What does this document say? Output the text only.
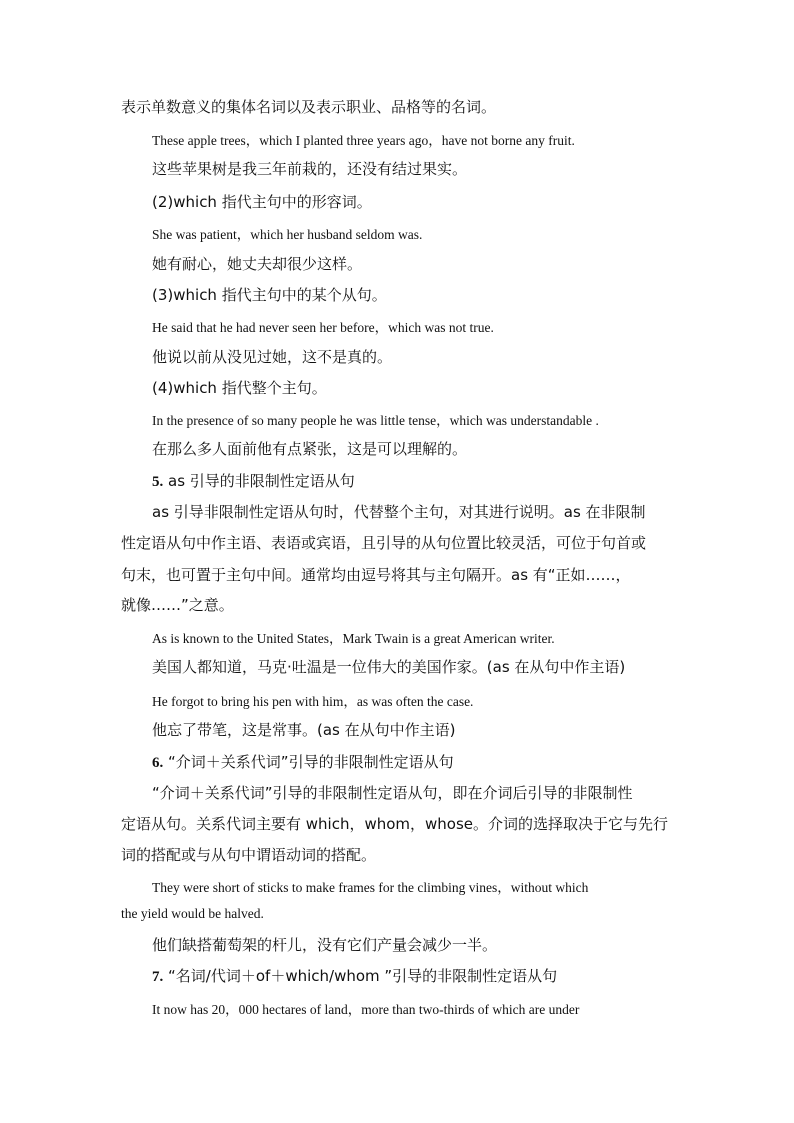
表示单数意义的集体名词以及表示职业、品格等的名词。
These apple trees，which I planted three years ago，have not borne any fruit.
这些苹果树是我三年前栽的，还没有结过果实。
(2)which 指代主句中的形容词。
She was patient，which her husband seldom was.
她有耐心，她丈夫却很少这样。
(3)which 指代主句中的某个从句。
He said that he had never seen her before，which was not true.
他说以前从没见过她，这不是真的。
(4)which 指代整个主句。
In the presence of so many people he was little tense，which was understandable .
在那么多人面前他有点紧张，这是可以理解的。
5. as 引导的非限制性定语从句
as 引导非限制性定语从句时，代替整个主句，对其进行说明。as 在非限制
性定语从句中作主语、表语或宾语，且引导的从句位置比较灵活，可位于句首或
句末，也可置于主句中间。通常均由逗号将其与主句隔开。as 有“正如……，
就像……”之意。
As is known to the United States，Mark Twain is a great American writer.
美国人都知道，马克·吐温是一位伟大的美国作家。(as 在从句中作主语)
He forgot to bring his pen with him，as was often the case.
他忘了带笔，这是常事。(as 在从句中作主语)
6. “介词＋关系代词”引导的非限制性定语从句
“介词＋关系代词”引导的非限制性定语从句，即在介词后引导的非限制性
定语从句。关系代词主要有 which，whom，whose。介词的选择取决于它与先行
词的搭配或与从句中谓语动词的搭配。
They were short of sticks to make frames for the climbing vines，without which
the yield would be halved.
他们缺搭葡萄架的杆儿，没有它们产量会减少一半。
7. “名词/代词＋of＋which/whom ”引导的非限制性定语从句
It now has 20，000 hectares of land，more than two-thirds of which are under
